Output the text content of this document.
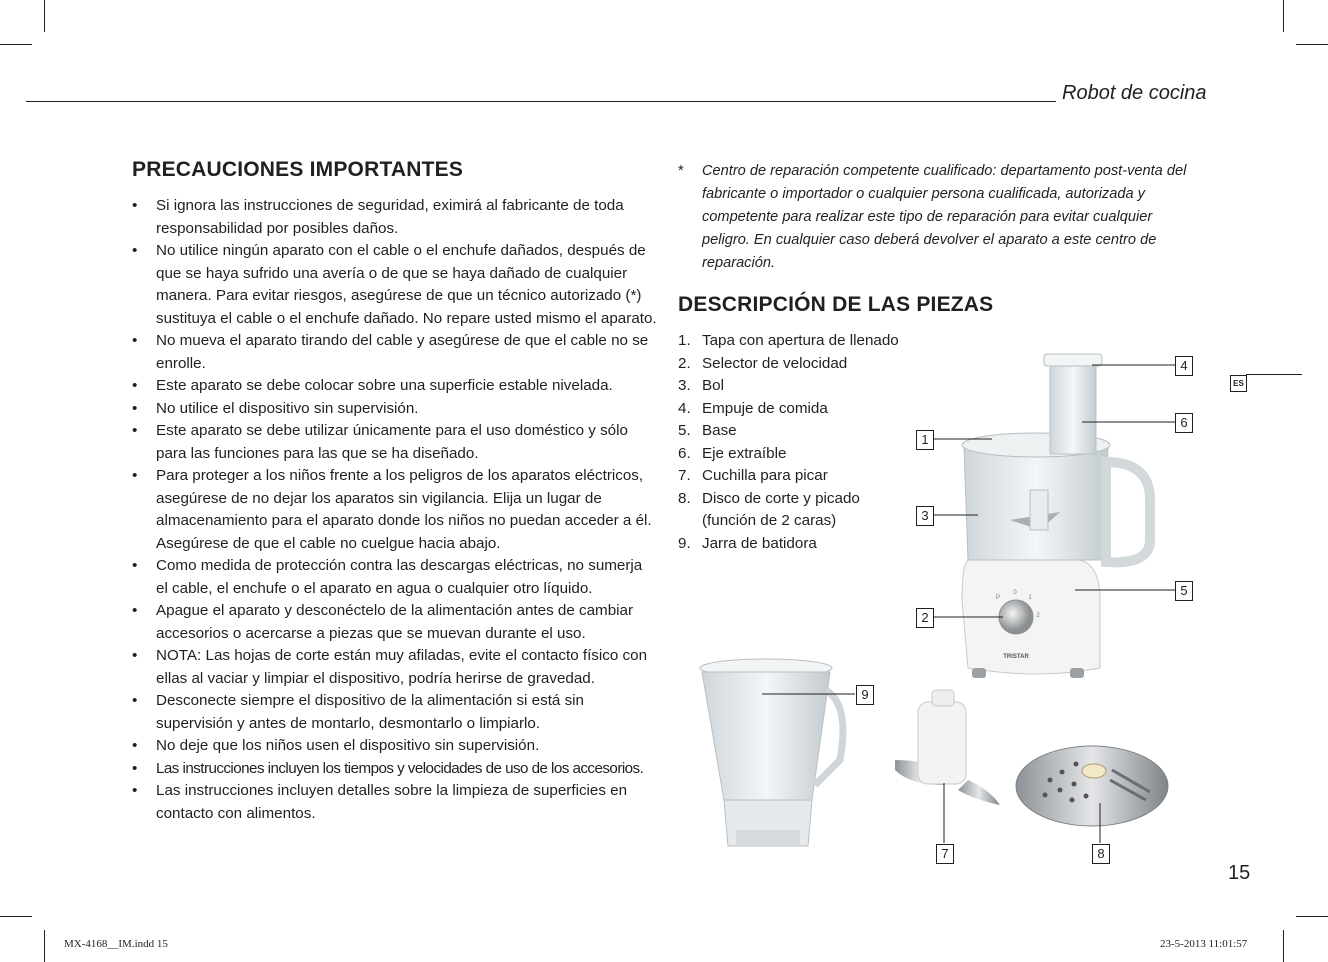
Robot de cocina
PRECAUCIONES IMPORTANTES
• Si ignora las instrucciones de seguridad, eximirá al fabricante de toda responsabilidad por posibles daños.
• No utilice ningún aparato con el cable o el enchufe dañados, después de que se haya sufrido una avería o de que se haya dañado de cualquier manera. Para evitar riesgos, asegúrese de que un técnico autorizado (*) sustituya el cable o el enchufe dañado. No repare usted mismo el aparato.
• No mueva el aparato tirando del cable y asegúrese de que el cable no se enrolle.
• Este aparato se debe colocar sobre una superficie estable nivelada.
• No utilice el dispositivo sin supervisión.
• Este aparato se debe utilizar únicamente para el uso doméstico y sólo para las funciones para las que se ha diseñado.
• Para proteger a los niños frente a los peligros de los aparatos eléctricos, asegúrese de no dejar los aparatos sin vigilancia. Elija un lugar de almacenamiento para el aparato donde los niños no puedan acceder a él. Asegúrese de que el cable no cuelgue hacia abajo.
• Como medida de protección contra las descargas eléctricas, no sumerja el cable, el enchufe o el aparato en agua o cualquier otro líquido.
• Apague el aparato y desconéctelo de la alimentación antes de cambiar accesorios o acercarse a piezas que se muevan durante el uso.
• NOTA: Las hojas de corte están muy afiladas, evite el contacto físico con ellas al vaciar y limpiar el dispositivo, podría herirse de gravedad.
• Desconecte siempre el dispositivo de la alimentación si está sin supervisión y antes de montarlo, desmontarlo o limpiarlo.
• No deje que los niños usen el dispositivo sin supervisión.
• Las instrucciones incluyen los tiempos y velocidades de uso de los accesorios.
• Las instrucciones incluyen detalles sobre la limpieza de superficies en contacto con alimentos.
*	Centro de reparación competente cualificado: departamento post-venta del fabricante o importador o cualquier persona cualificada, autorizada y competente para realizar este tipo de reparación para evitar cualquier peligro. En cualquier caso deberá devolver el aparato a este centro de reparación.
DESCRIPCIÓN DE LAS PIEZAS
1. Tapa con apertura de llenado
2. Selector de velocidad
3. Bol
4. Empuje de comida
5. Base
6. Eje extraíble
7. Cuchilla para picar
8. Disco de corte y picado (función de 2 caras)
9. Jarra de batidora
0
1
2
P
TRISTAR
1
2
3
4
5
6
7	8
9
ES
15
MX-4168__IM.indd 15	23-5-2013 11:01:57
